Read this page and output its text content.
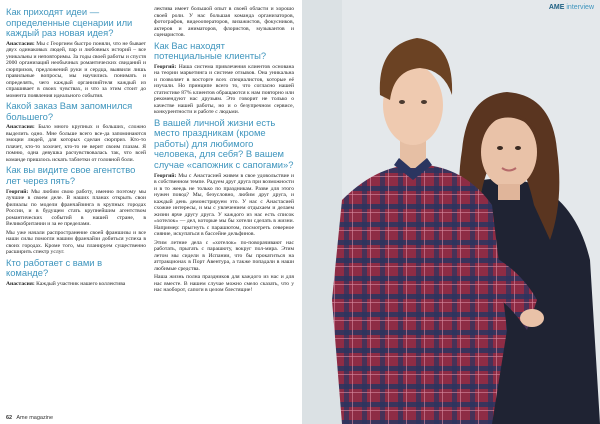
Как приходят идеи — определенные сценарии или каждый раз новая идея?
Анастасия: Мы с Георгием быстро поняли, что не бывает двух одинаковых людей, пар и любовных историй – все уникальны и неповторимы. За годы своей работы и спустя 2000 организаций необычных романтических свиданий и сюрпризов, предложений руки и сердца, выявили лишь правильные вопросы, мы научились понимать и определять, чего каждый организийтеля каждый из спрашивает в своих чувствах, и что за этим стоит до момента появления идеального события.
Какой заказ Вам запомнился большего?
Анастасия: Было много крупных и больших, сложно выделить одно. Мне больше всего все-да запоминаются эмоции людей, для которых сделан сюрприз. Кто-то плачет, кто-то хохочет, кто-то не верит своим глазам. Я помню, одна девушка расчувствовалась так, что всей команде пришлось искать таблетки от головной боли.
Как вы видите свое агентство лет через пять?
Георгий: Мы любим свою работу, именно поэтому мы лучшие в своем деле. В наших планах открыть свои филиалы по модели франчайзинга в крупных городах России, и в будущем стать крупнейшим агентством романтических событий в нашей стране, в Великобритании и за ее пределами.
Мы уже начали распространение своей франшизы и все наши силы помогли нашим франчайзи добиться успеха в своих городах. Кроме того, мы планируем существенно расширить спектр услуг.
Кто работает с вами в команде?
Анастасия: Каждый участник нашего коллектива
лектива имеет большой опыт в своей области и хорошо своей роли. У нас большая команда организаторов, фотографов, видеооператоров, визажистов, фокусников, актеров и аниматоров, флористов, музыкантов и сценаристов.
Как Вас находят потенциальные клиенты?
Георгий: Наша система привлечения клиентов основана на теории маркетинга и системе отзывов. Она уникальна и позволяет в восторге всех специалистов, которые её изучали. Но принципе всего то, что согласно нашей статистике 87% клиентов обращаются к нам повторно или рекомендуют нас друзьям. Это говорит не только о качестве нашей работы, но и о безупречном сервисе, конкурентности и работе с людьми.
В вашей личной жизни есть место праздникам (кроме работы) для любимого человека, для себя? В вашем случае «сапожник с сапогами»?
Георгий: Мы с Анастасией живем в свое удовольствие и в собственном темпе. Радуем друг друга при возможности и в то жеедь не только по праздникам. Разве для этого нужен повод? Мы, безусловно, любим друг друга, и каждый день демонстрируем это. У нас с Анастасией схожие интересы, и мы с увлечением отдыхаем и делаем жизни ярче другу друга. У каждого из нас есть список «хотелок» — дел, которые мы бы хотели сделать в жизни. Например: прыгнуть с парашютом, посмотреть северное сияние, искупаться в бассейне дельфинов.
Этим летние дела с «хотелок» по-поворачивают нас работать, прыгать с парашюту, вокруг пол-мира. Этим летом мы сидели в Испании, что бы прокатиться на аттракционах в Порт Авентура, а также попадали в наши любимые средства.
Наша жизнь полна праздников для каждого из нас и для нас вместе. В нашем случае можно смело сказать, что у нас наоборот, сапоги в целом блестящие!
62 Ame magazine
AME interview
